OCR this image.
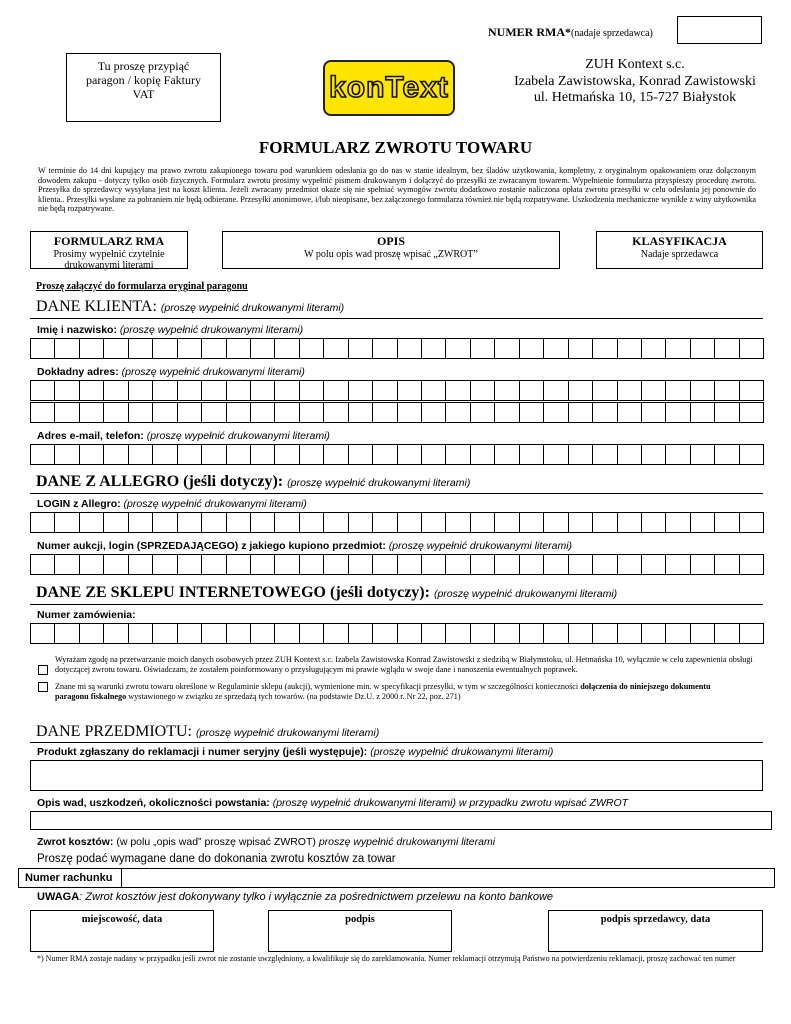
NUMER RMA*(nadaje sprzedawca)
Tu proszę przypiąć paragon / kopię Faktury VAT	konText
ZUH Kontext s.c.
Izabela Zawistowska, Konrad Zawistowski
ul. Hetmańska 10, 15-727 Białystok
FORMULARZ ZWROTU TOWARU
W terminie do 14 dni kupujący ma prawo zwrotu zakupionego towaru pod warunkiem odesłania go do nas w stanie idealnym, bez śladów użytkowania, kompletny, z oryginalnym opakowaniem oraz dołączonym dowodem zakupu - dotyczy tylko osób fizycznych. Formularz zwrotu prosimy wypełnić pismem drukowanym i dołączyć do przesyłki ze zwracanym towarem. Wypełnienie formularza przyspieszy procedurę zwrotu. Przesyłka do sprzedawcy wysyłana jest na koszt klienta. Jeżeli zwracany przedmiot okaże się nie spełniać wymogów zwrotu dodatkowo zostanie naliczona opłata zwrotu przesyłki w celu odesłania jej ponownie do klienta.. Przesyłki wysłane za pobraniem nie będą odbierane. Przesyłki anonimowe, i/lub nieopisane, bez załączonego formularza również nie będą rozpatrywane. Uszkodzenia mechaniczne wynikłe z winy użytkownika nie będą rozpatrywane.
FORMULARZ RMA
Prosimy wypełnić czytelnie drukowanymi literami
OPIS
W polu opis wad proszę wpisać „ZWROT”
KLASYFIKACJA
Nadaje sprzedawca
Proszę załączyć do formularza oryginał paragonu
DANE KLIENTA: (proszę wypełnić drukowanymi literami)
Imię i nazwisko: (proszę wypełnić drukowanymi literami)
Dokładny adres: (proszę wypełnić drukowanymi literami)
Adres e-mail, telefon: (proszę wypełnić drukowanymi literami)
DANE Z ALLEGRO (jeśli dotyczy): (proszę wypełnić drukowanymi literami)
LOGIN z Allegro: (proszę wypełnić drukowanymi literami)
Numer aukcji, login (SPRZEDAJĄCEGO) z jakiego kupiono przedmiot: (proszę wypełnić drukowanymi literami)
DANE ZE SKLEPU INTERNETOWEGO (jeśli dotyczy): (proszę wypełnić drukowanymi literami)
Numer zamówienia:
Wyrażam zgodę na przetwarzanie moich danych osobowych przez ZUH Kontext s.c. Izabela Zawistowska Konrad Zawistowski z siedzibą w Białymstoku, ul. Hetmańska 10, wyłącznie w celu zapewnienia obsługi dotyczącej zwrotu towaru. Oświadczam, że zostałem poinformowany o przysługującym mi prawie wglądu w swoje dane i nanoszenia ewentualnych poprawek.
Znane mi są warunki zwrotu towaru określone w Regulaminie sklepu (aukcji), wymienione min. w specyfikacji przesyłki, w tym w szczególności konieczności dołączenia do niniejszego dokumentu paragonu fiskalnego wystawionego w związku ze sprzedażą tych towarów. (na podstawie Dz.U. z 2000 r. Nr 22, poz. 271)
DANE PRZEDMIOTU: (proszę wypełnić drukowanymi literami)
Produkt zgłaszany do reklamacji i numer seryjny (jeśli występuje): (proszę wypełnić drukowanymi literami)
Opis wad, uszkodzeń, okoliczności powstania: (proszę wypełnić drukowanymi literami) w przypadku zwrotu wpisać ZWROT
Zwrot kosztów: (w polu „opis wad” proszę wpisać ZWROT) proszę wypełnić drukowanymi literami
Proszę podać wymagane dane do dokonania zwrotu kosztów za towar
Numer rachunku
UWAGA: Zwrot kosztów jest dokonywany tylko i wyłącznie za pośrednictwem przelewu na konto bankowe
miejscowość, data	podpis	podpis sprzedawcy, data
*) Numer RMA zostaje nadany w przypadku jeśli zwrot nie zostanie uwzględniony, a kwalifikuje się do zareklamowania. Numer reklamacji otrzymują Państwo na potwierdzeniu reklamacji, proszę zachować ten numer
